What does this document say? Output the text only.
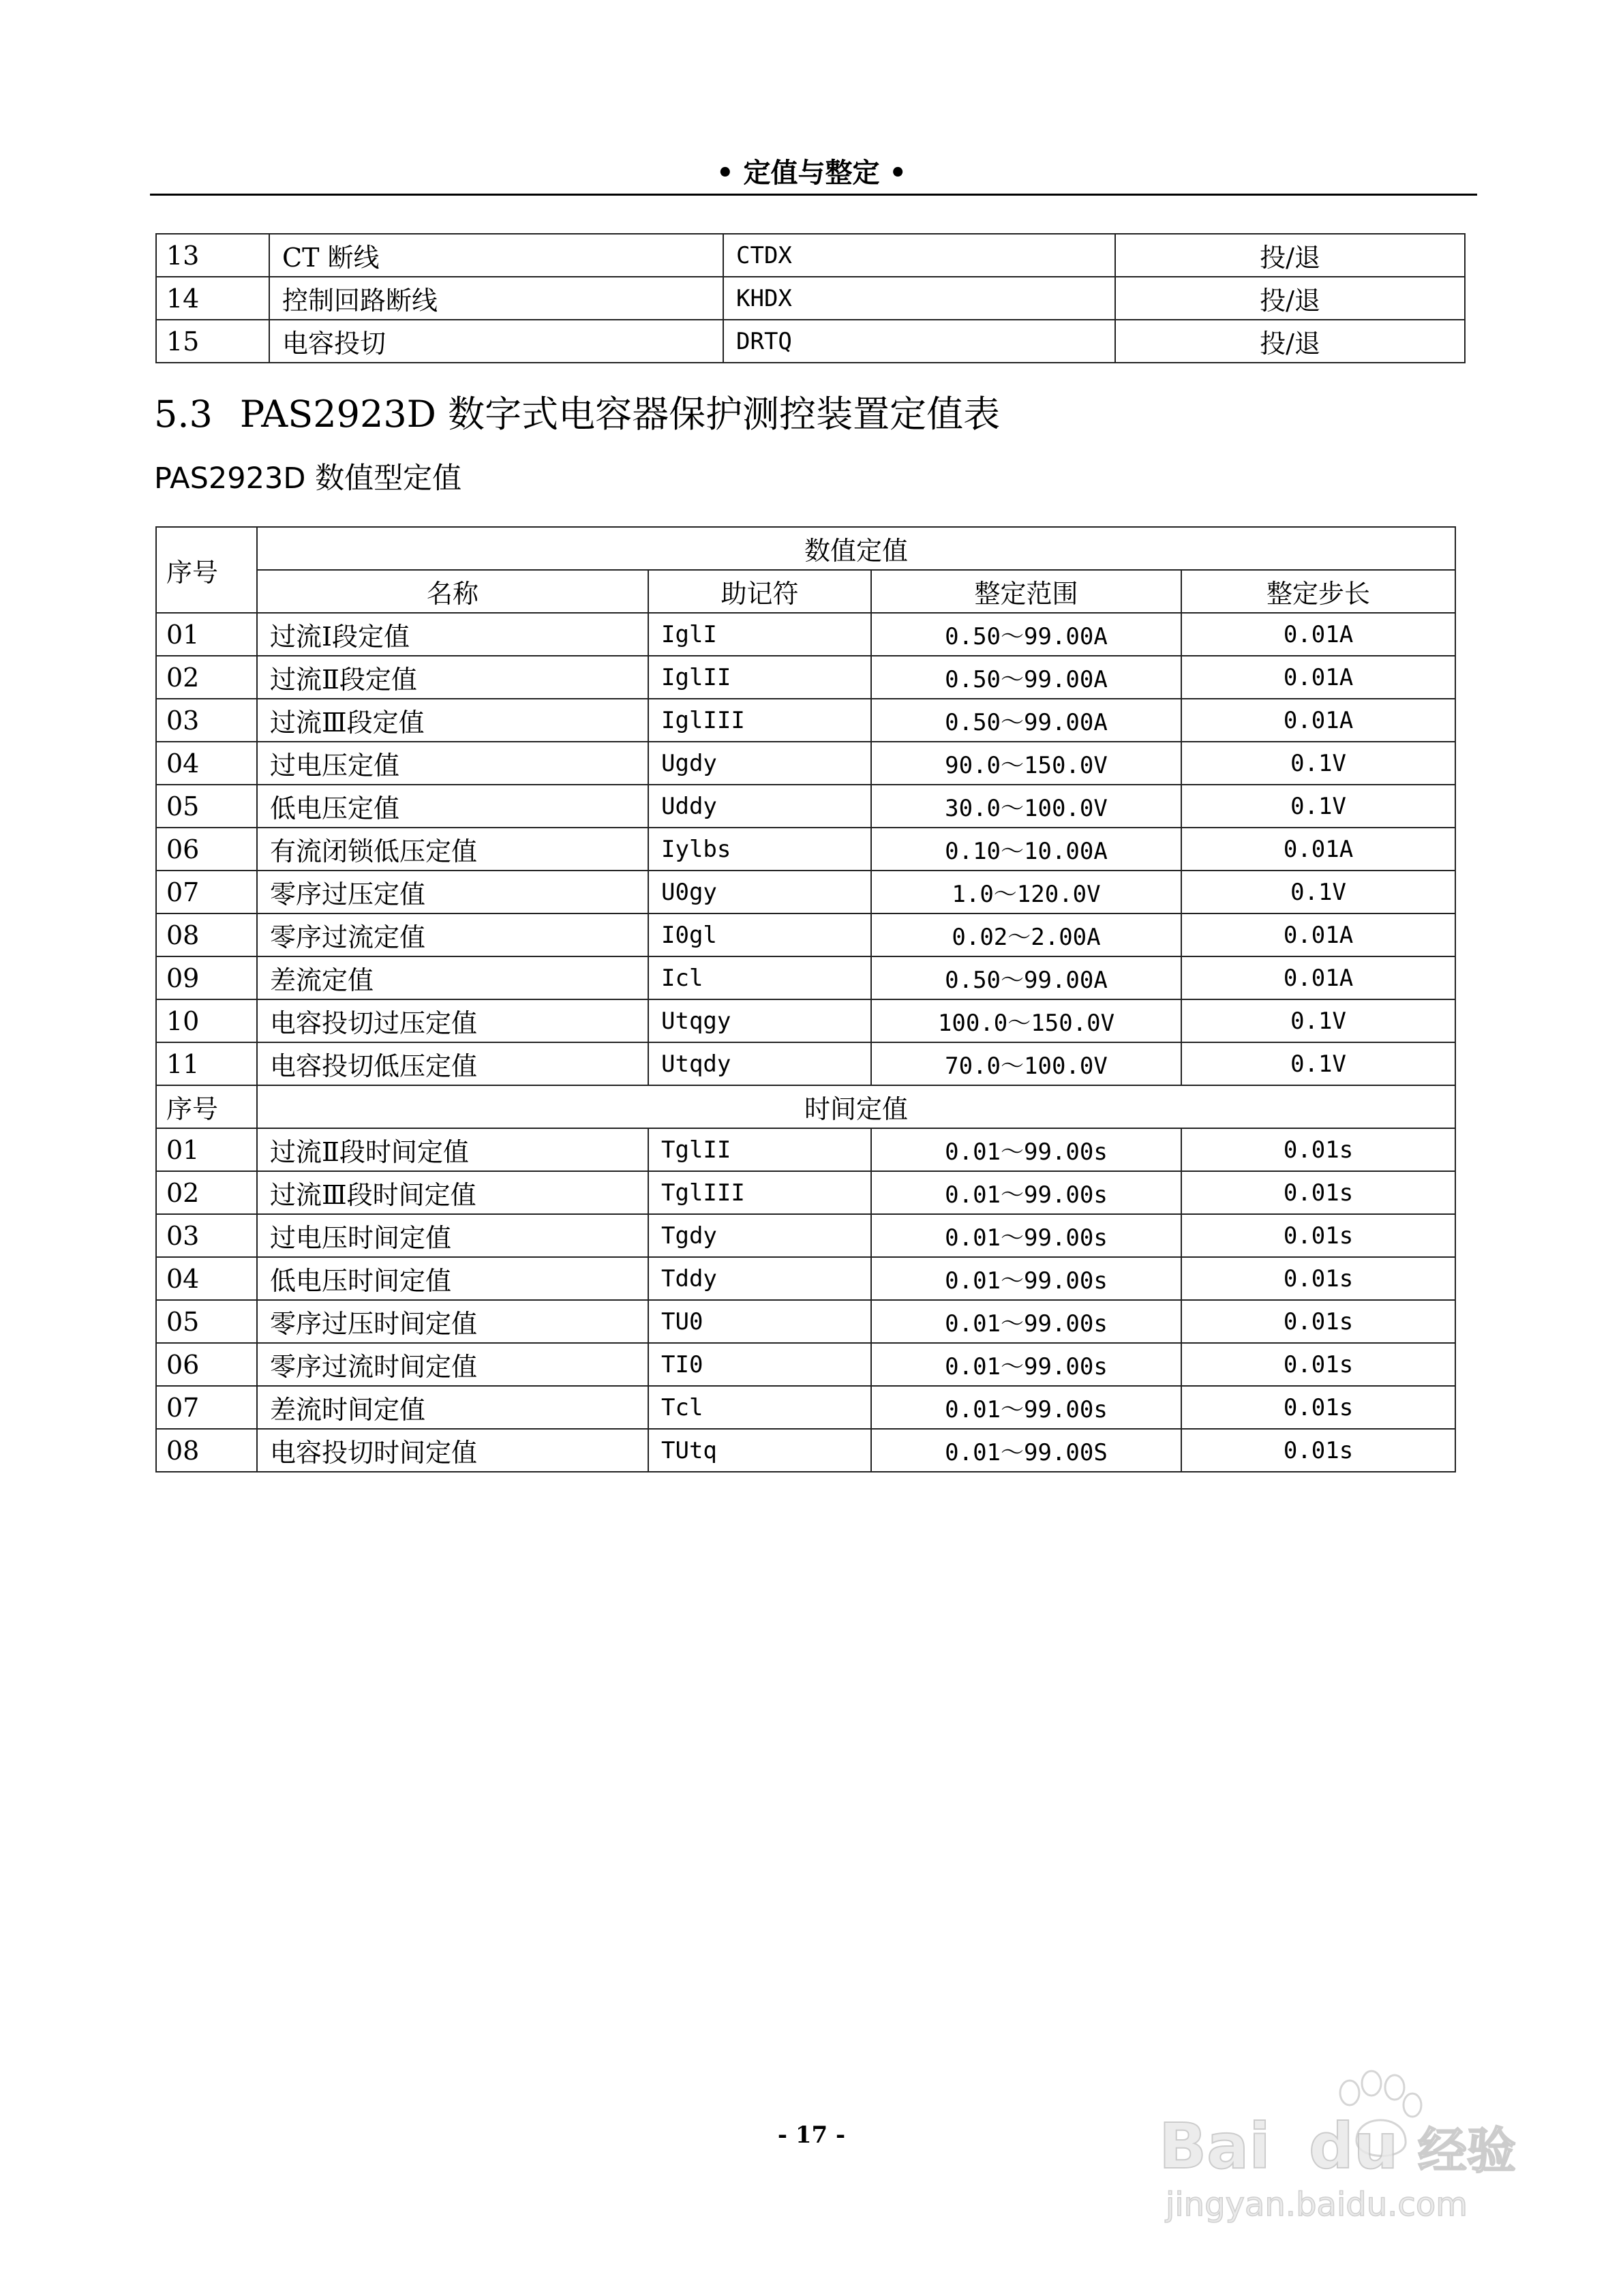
• 定值与整定 •
13	CT 断线	CTDX	投/退
14	控制回路断线	KHDX	投/退
15	电容投切	DRTQ	投/退
5.3 PAS2923D 数字式电容器保护测控装置定值表
PAS2923D 数值型定值
序号	数值定值			
	名称	助记符	整定范围	整定步长
01	过流Ⅰ段定值	IglI	0.50～99.00A	0.01A
02	过流Ⅱ段定值	IglII	0.50～99.00A	0.01A
03	过流Ⅲ段定值	IglIII	0.50～99.00A	0.01A
04	过电压定值	Ugdy	90.0～150.0V	0.1V
05	低电压定值	Uddy	30.0～100.0V	0.1V
06	有流闭锁低压定值	Iylbs	0.10～10.00A	0.01A
07	零序过压定值	U0gy	1.0～120.0V	0.1V
08	零序过流定值	I0gl	0.02～2.00A	0.01A
09	差流定值	Icl	0.50～99.00A	0.01A
10	电容投切过压定值	Utqgy	100.0～150.0V	0.1V
11	电容投切低压定值	Utqdy	70.0～100.0V	0.1V
序号	时间定值			
01	过流Ⅱ段时间定值	TglII	0.01～99.00s	0.01s
02	过流Ⅲ段时间定值	TglIII	0.01～99.00s	0.01s
03	过电压时间定值	Tgdy	0.01～99.00s	0.01s
04	低电压时间定值	Tddy	0.01～99.00s	0.01s
05	零序过压时间定值	TU0	0.01～99.00s	0.01s
06	零序过流时间定值	TI0	0.01～99.00s	0.01s
07	差流时间定值	Tcl	0.01～99.00s	0.01s
08	电容投切时间定值	TUtq	0.01～99.00S	0.01s
- 17 -	Bai du 经验
jingyan.baidu.com
